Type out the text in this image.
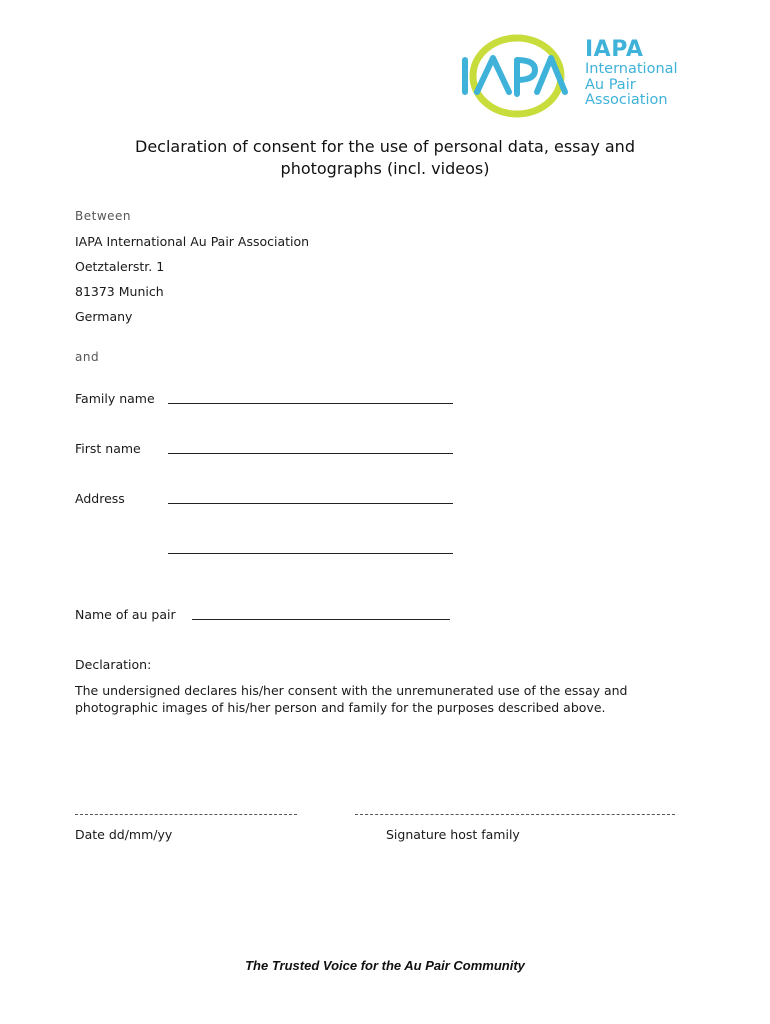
IAPA
International
Au Pair
Association
Declaration of consent for the use of personal data, essay and
photographs (incl. videos)
Between
IAPA International Au Pair Association
Oetztalerstr. 1
81373 Munich
Germany
and
Family name
First name
Address
Name of au pair
Declaration:
The undersigned declares his/her consent with the unremunerated use of the essay and photographic images of his/her person and family for the purposes described above.
Date dd/mm/yy	Signature host family
The Trusted Voice for the Au Pair Community
